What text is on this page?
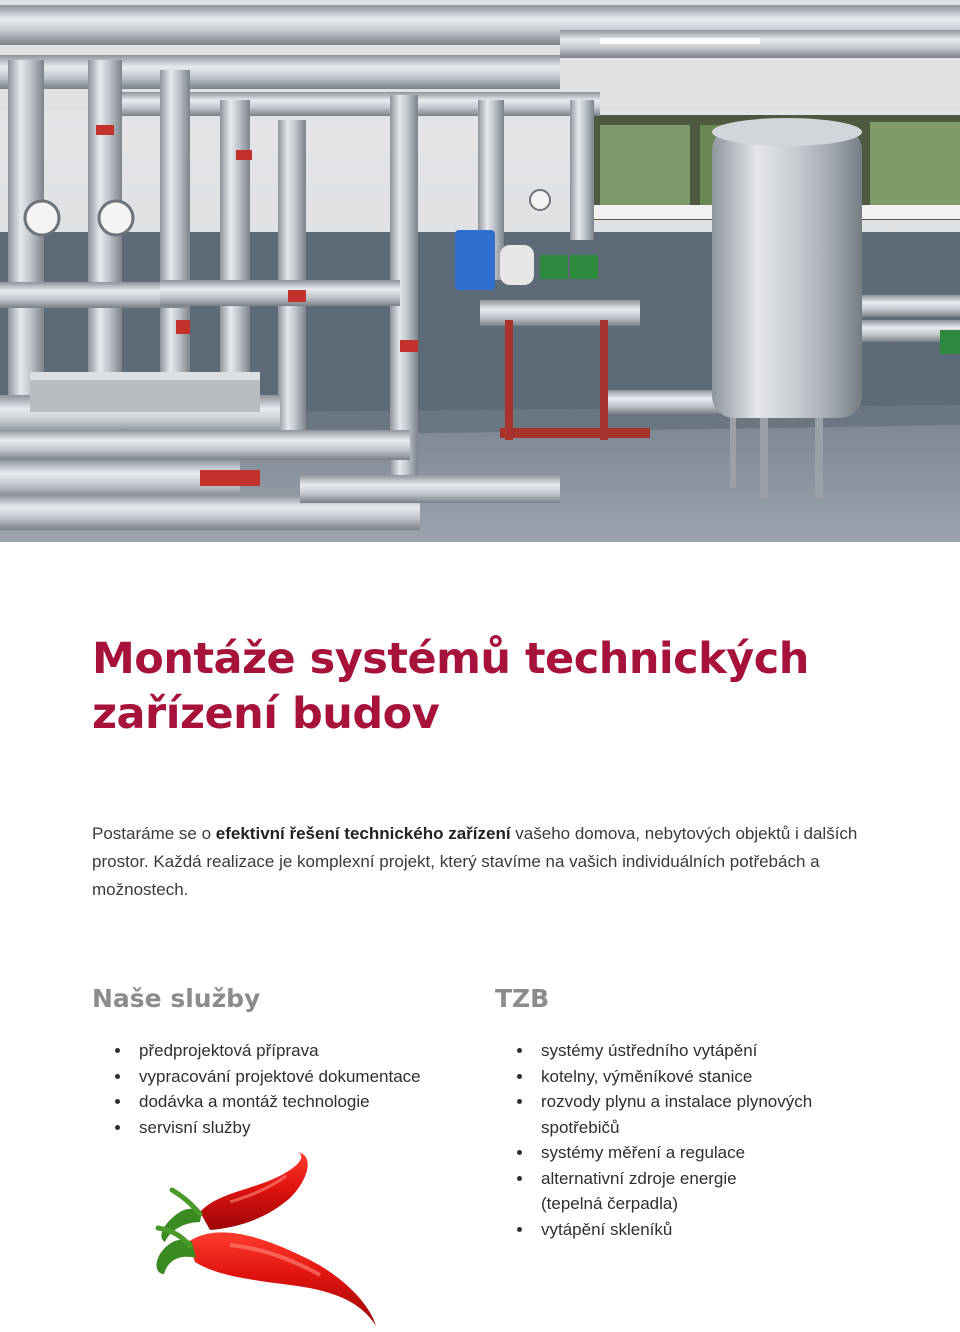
Montáže systémů technických
zařízení budov

Postaráme se o efektivní řešení technického zařízení vašeho domova, nebytových objektů i dalších prostor. Každá realizace je komplexní projekt, který stavíme na vašich individuálních potřebách a možnostech.

Naše služby
předprojektová příprava
vypracování projektové dokumentace
dodávka a montáž technologie
servisní služby
TZB
systémy ústředního vytápění
kotelny, výměníkové stanice
rozvody plynu a instalace plynových
spotřebičů
systémy měření a regulace
alternativní zdroje energie
(tepelná čerpadla)
vytápění skleníků
